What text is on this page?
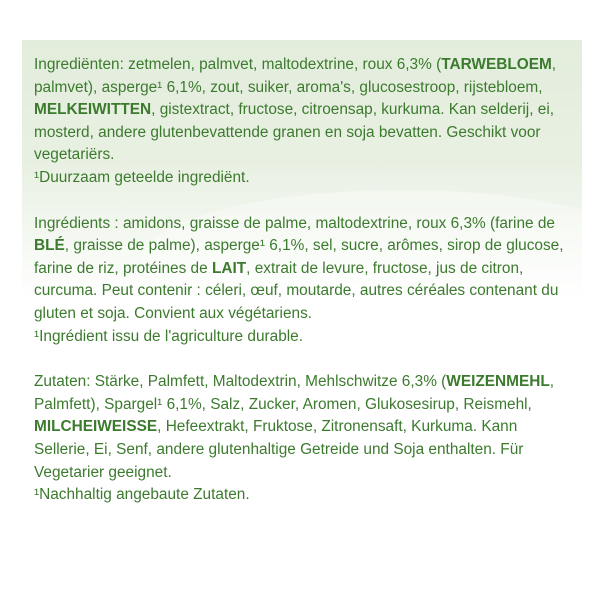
Ingrediënten: zetmelen, palmvet, maltodextrine, roux 6,3% (TARWEBLOEM, palmvet), asperge¹ 6,1%, zout, suiker, aroma's, glucosestroop, rijstebloem, MELKEIWITTEN, gistextract, fructose, citroensap, kurkuma. Kan selderij, ei, mosterd, andere glutenbevattende granen en soja bevatten. Geschikt voor vegetariërs.

¹Duurzaam geteelde ingrediënt.

Ingrédients : amidons, graisse de palme, maltodextrine, roux 6,3% (farine de BLÉ, graisse de palme), asperge¹ 6,1%, sel, sucre, arômes, sirop de glucose, farine de riz, protéines de LAIT, extrait de levure, fructose, jus de citron, curcuma. Peut contenir : céleri, œuf, moutarde, autres céréales contenant du gluten et soja. Convient aux végétariens.

¹Ingrédient issu de l'agriculture durable.

Zutaten: Stärke, Palmfett, Maltodextrin, Mehlschwitze 6,3% (WEIZENMEHL, Palmfett), Spargel¹ 6,1%, Salz, Zucker, Aromen, Glukosesirup, Reismehl, MILCHEIWEISSE, Hefeextrakt, Fruktose, Zitronensaft, Kurkuma. Kann Sellerie, Ei, Senf, andere glutenhaltige Getreide und Soja enthalten. Für Vegetarier geeignet.

¹Nachhaltig angebaute Zutaten.
